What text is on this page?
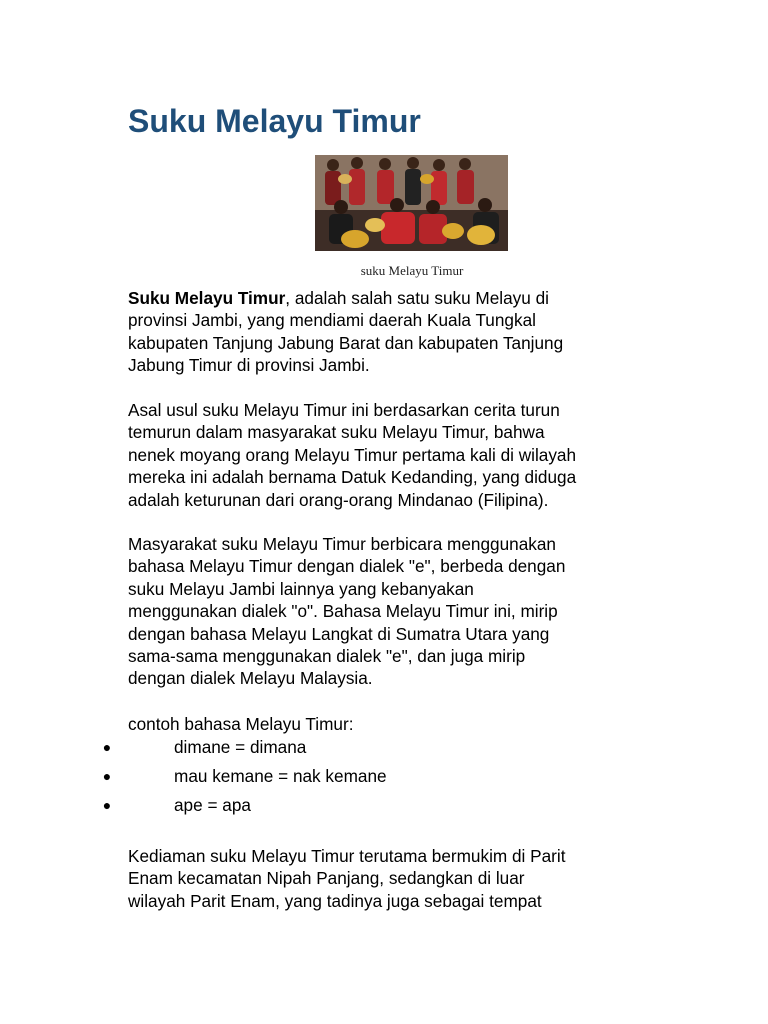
Suku Melayu Timur
suku Melayu Timur

Suku Melayu Timur, adalah salah satu suku Melayu di
provinsi Jambi, yang mendiami daerah Kuala Tungkal
kabupaten Tanjung Jabung Barat dan kabupaten Tanjung
Jabung Timur di provinsi Jambi.

Asal usul suku Melayu Timur ini berdasarkan cerita turun
temurun dalam masyarakat suku Melayu Timur, bahwa
nenek moyang orang Melayu Timur pertama kali di wilayah
mereka ini adalah bernama Datuk Kedanding, yang diduga
adalah keturunan dari orang-orang Mindanao (Filipina).

Masyarakat suku Melayu Timur berbicara menggunakan
bahasa Melayu Timur dengan dialek "e", berbeda dengan
suku Melayu Jambi lainnya yang kebanyakan
menggunakan dialek "o". Bahasa Melayu Timur ini, mirip
dengan bahasa Melayu Langkat di Sumatra Utara yang
sama-sama menggunakan dialek "e", dan juga mirip
dengan dialek Melayu Malaysia.

contoh bahasa Melayu Timur:

●	dimane = dimana
●	mau kemane = nak kemane
●	ape = apa

Kediaman suku Melayu Timur terutama bermukim di Parit
Enam kecamatan Nipah Panjang, sedangkan di luar
wilayah Parit Enam, yang tadinya juga sebagai tempat
